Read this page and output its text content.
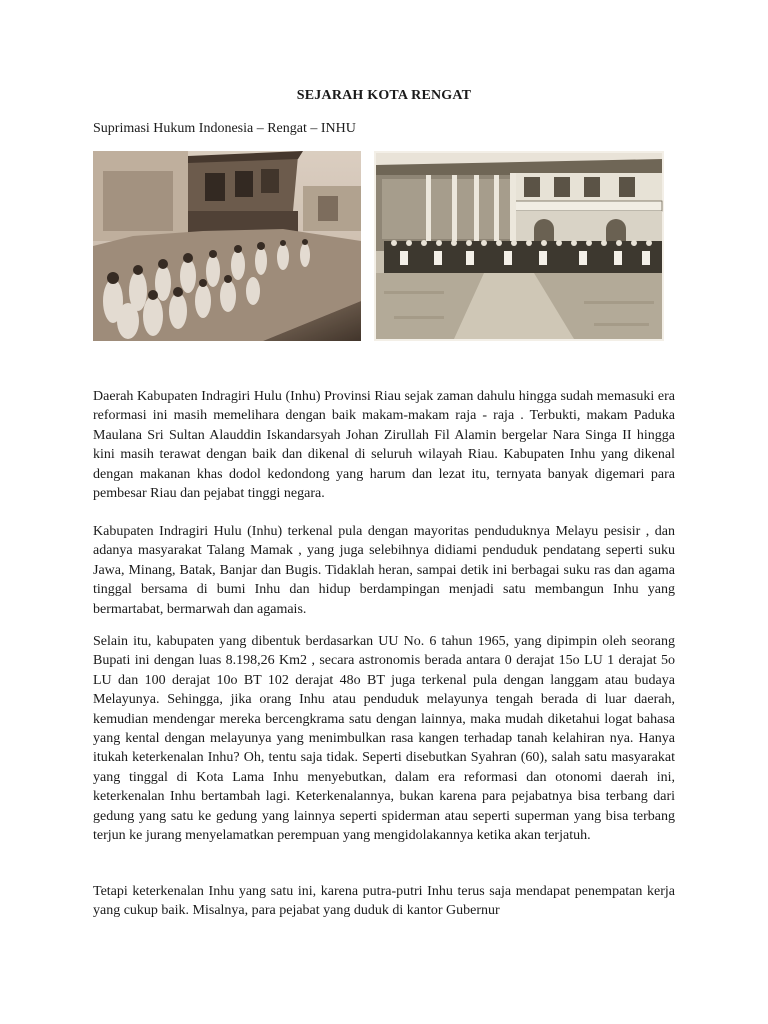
SEJARAH KOTA RENGAT
Suprimasi Hukum Indonesia – Rengat – INHU

Daerah Kabupaten Indragiri Hulu (Inhu) Provinsi Riau sejak zaman dahulu hingga sudah memasuki era reformasi ini masih memelihara dengan baik makam-makam raja - raja . Terbukti, makam Paduka Maulana Sri Sultan Alauddin Iskandarsyah Johan Zirullah Fil Alamin bergelar Nara Singa II hingga kini masih terawat dengan baik dan dikenal di seluruh wilayah Riau. Kabupaten Inhu yang dikenal dengan makanan khas dodol kedondong yang harum dan lezat itu, ternyata banyak digemari para pembesar Riau dan pejabat tinggi negara.

Kabupaten Indragiri Hulu (Inhu) terkenal pula dengan mayoritas penduduknya Melayu pesisir , dan adanya masyarakat Talang Mamak , yang juga selebihnya didiami penduduk pendatang seperti suku Jawa, Minang, Batak, Banjar dan Bugis. Tidaklah heran, sampai detik ini berbagai suku ras dan agama tinggal bersama di bumi Inhu dan hidup berdampingan menjadi satu membangun Inhu yang bermartabat, bermarwah dan agamais.

Selain itu, kabupaten yang dibentuk berdasarkan UU No. 6 tahun 1965, yang dipimpin oleh seorang Bupati ini dengan luas 8.198,26 Km2 , secara astronomis berada antara 0 derajat 15o LU 1 derajat 5o LU dan 100 derajat 10o BT 102 derajat 48o BT juga terkenal pula dengan langgam atau budaya Melayunya. Sehingga, jika orang Inhu atau penduduk melayunya tengah berada di luar daerah, kemudian mendengar mereka bercengkrama satu dengan lainnya, maka mudah diketahui logat bahasa yang kental dengan melayunya yang menimbulkan rasa kangen terhadap tanah kelahiran nya. Hanya itukah keterkenalan Inhu? Oh, tentu saja tidak. Seperti disebutkan Syahran (60), salah satu masyarakat yang tinggal di Kota Lama Inhu menyebutkan, dalam era reformasi dan otonomi daerah ini, keterkenalan Inhu bertambah lagi. Keterkenalannya, bukan karena para pejabatnya bisa terbang dari gedung yang satu ke gedung yang lainnya seperti spiderman atau seperti superman yang bisa terbang terjun ke jurang menyelamatkan perempuan yang mengidolakannya ketika akan terjatuh.

Tetapi keterkenalan Inhu yang satu ini, karena putra-putri Inhu terus saja mendapat penempatan kerja yang cukup baik. Misalnya, para pejabat yang duduk di kantor Gubernur
